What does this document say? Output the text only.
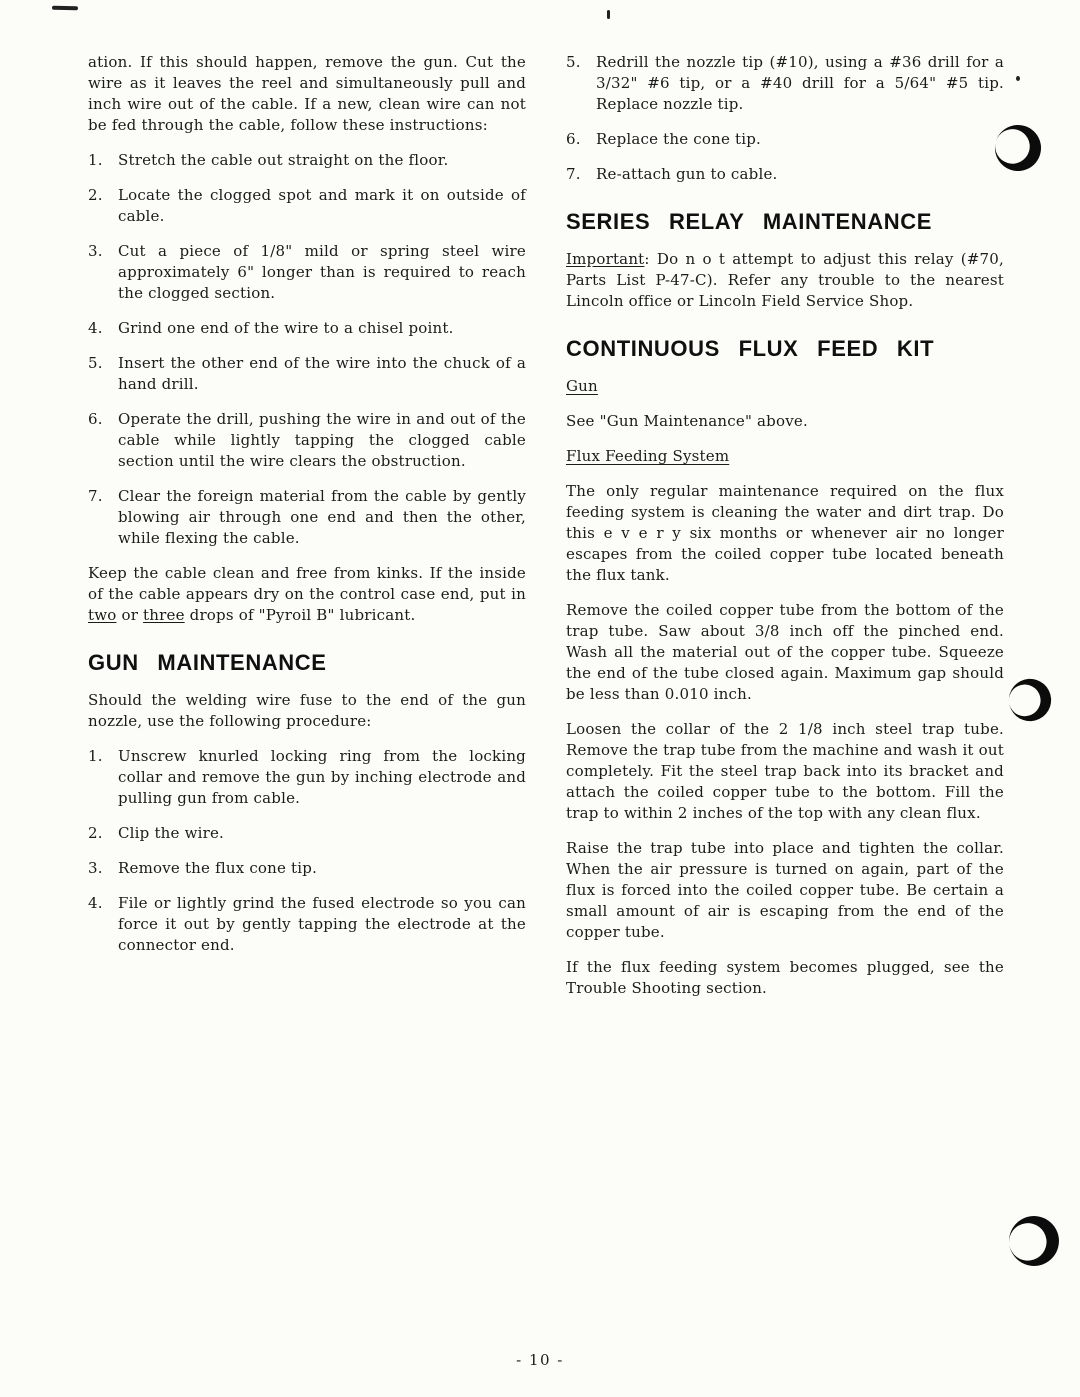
ation. If this should happen, remove the gun. Cut the wire as it leaves the reel and simultaneously pull and inch wire out of the cable. If a new, clean wire can not be fed through the cable, follow these instructions:

1.	Stretch the cable out straight on the floor.
2.	Locate the clogged spot and mark it on outside of cable.
3.	Cut a piece of 1/8" mild or spring steel wire approximately 6" longer than is required to reach the clogged section.
4.	Grind one end of the wire to a chisel point.
5.	Insert the other end of the wire into the chuck of a hand drill.
6.	Operate the drill, pushing the wire in and out of the cable while lightly tapping the clogged cable section until the wire clears the obstruction.
7.	Clear the foreign material from the cable by gently blowing air through one end and then the other, while flexing the cable.

Keep the cable clean and free from kinks. If the inside of the cable appears dry on the control case end, put in two or three drops of "Pyroil B" lubricant.

GUN MAINTENANCE

Should the welding wire fuse to the end of the gun nozzle, use the following procedure:

1.	Unscrew knurled locking ring from the locking collar and remove the gun by inching electrode and pulling gun from cable.
2.	Clip the wire.
3.	Remove the flux cone tip.
4.	File or lightly grind the fused electrode so you can force it out by gently tapping the electrode at the connector end.
5.	Redrill the nozzle tip (#10), using a #36 drill for a 3/32" #6 tip, or a #40 drill for a 5/64" #5 tip. Replace nozzle tip.
6.	Replace the cone tip.
7.	Re-attach gun to cable.
SERIES RELAY MAINTENANCE

Important: Do n o t attempt to adjust this relay (#70, Parts List P-47-C). Refer any trouble to the nearest Lincoln office or Lincoln Field Service Shop.

CONTINUOUS FLUX FEED KIT

Gun

See "Gun Maintenance" above.

Flux Feeding System

The only regular maintenance required on the flux feeding system is cleaning the water and dirt trap. Do this e v e r y six months or whenever air no longer escapes from the coiled copper tube located beneath the flux tank.

Remove the coiled copper tube from the bottom of the trap tube. Saw about 3/8 inch off the pinched end. Wash all the material out of the copper tube. Squeeze the end of the tube closed again. Maximum gap should be less than 0.010 inch.

Loosen the collar of the 2 1/8 inch steel trap tube. Remove the trap tube from the machine and wash it out completely. Fit the steel trap back into its bracket and attach the coiled copper tube to the bottom. Fill the trap to within 2 inches of the top with any clean flux.

Raise the trap tube into place and tighten the collar. When the air pressure is turned on again, part of the flux is forced into the coiled copper tube. Be certain a small amount of air is escaping from the end of the copper tube.

If the flux feeding system becomes plugged, see the Trouble Shooting section.

- 10 -
